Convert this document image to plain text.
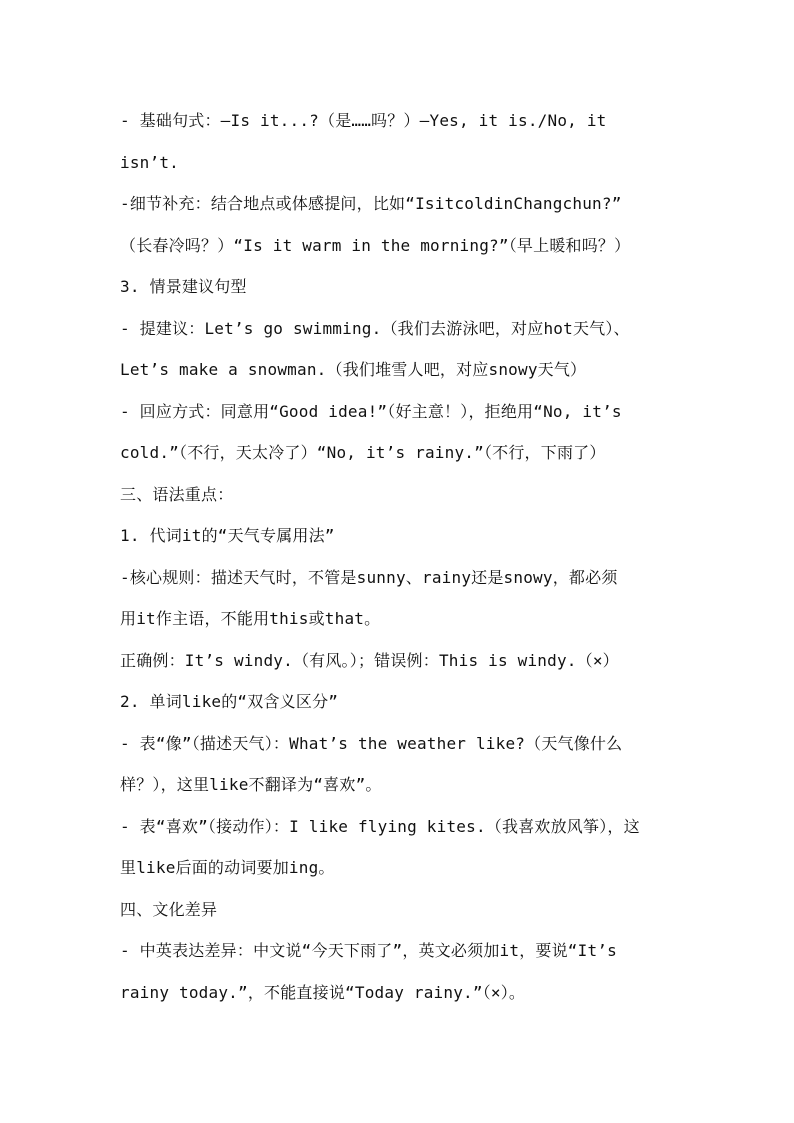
- 基础句式：—Is it...?（是……吗？）—Yes, it is./No, it
isn’t.
-细节补充：结合地点或体感提问，比如“IsitcoldinChangchun?”
（长春冷吗？）“Is it warm in the morning?”（早上暖和吗？）
3. 情景建议句型
- 提建议：Let’s go swimming.（我们去游泳吧，对应hot天气）、
Let’s make a snowman.（我们堆雪人吧，对应snowy天气）
- 回应方式：同意用“Good idea!”（好主意！），拒绝用“No, it’s
cold.”（不行，天太冷了）“No, it’s rainy.”（不行，下雨了）
三、语法重点：
1. 代词it的“天气专属用法”
-核心规则：描述天气时，不管是sunny、rainy还是snowy，都必须
用it作主语，不能用this或that。
正确例：It’s windy.（有风。）；错误例：This is windy.（×）
2. 单词like的“双含义区分”
- 表“像”（描述天气）：What’s the weather like?（天气像什么
样？），这里like不翻译为“喜欢”。
- 表“喜欢”（接动作）：I like flying kites.（我喜欢放风筝），这
里like后面的动词要加ing。
四、文化差异
- 中英表达差异：中文说“今天下雨了”，英文必须加it，要说“It’s
rainy today.”，不能直接说“Today rainy.”（×）。
